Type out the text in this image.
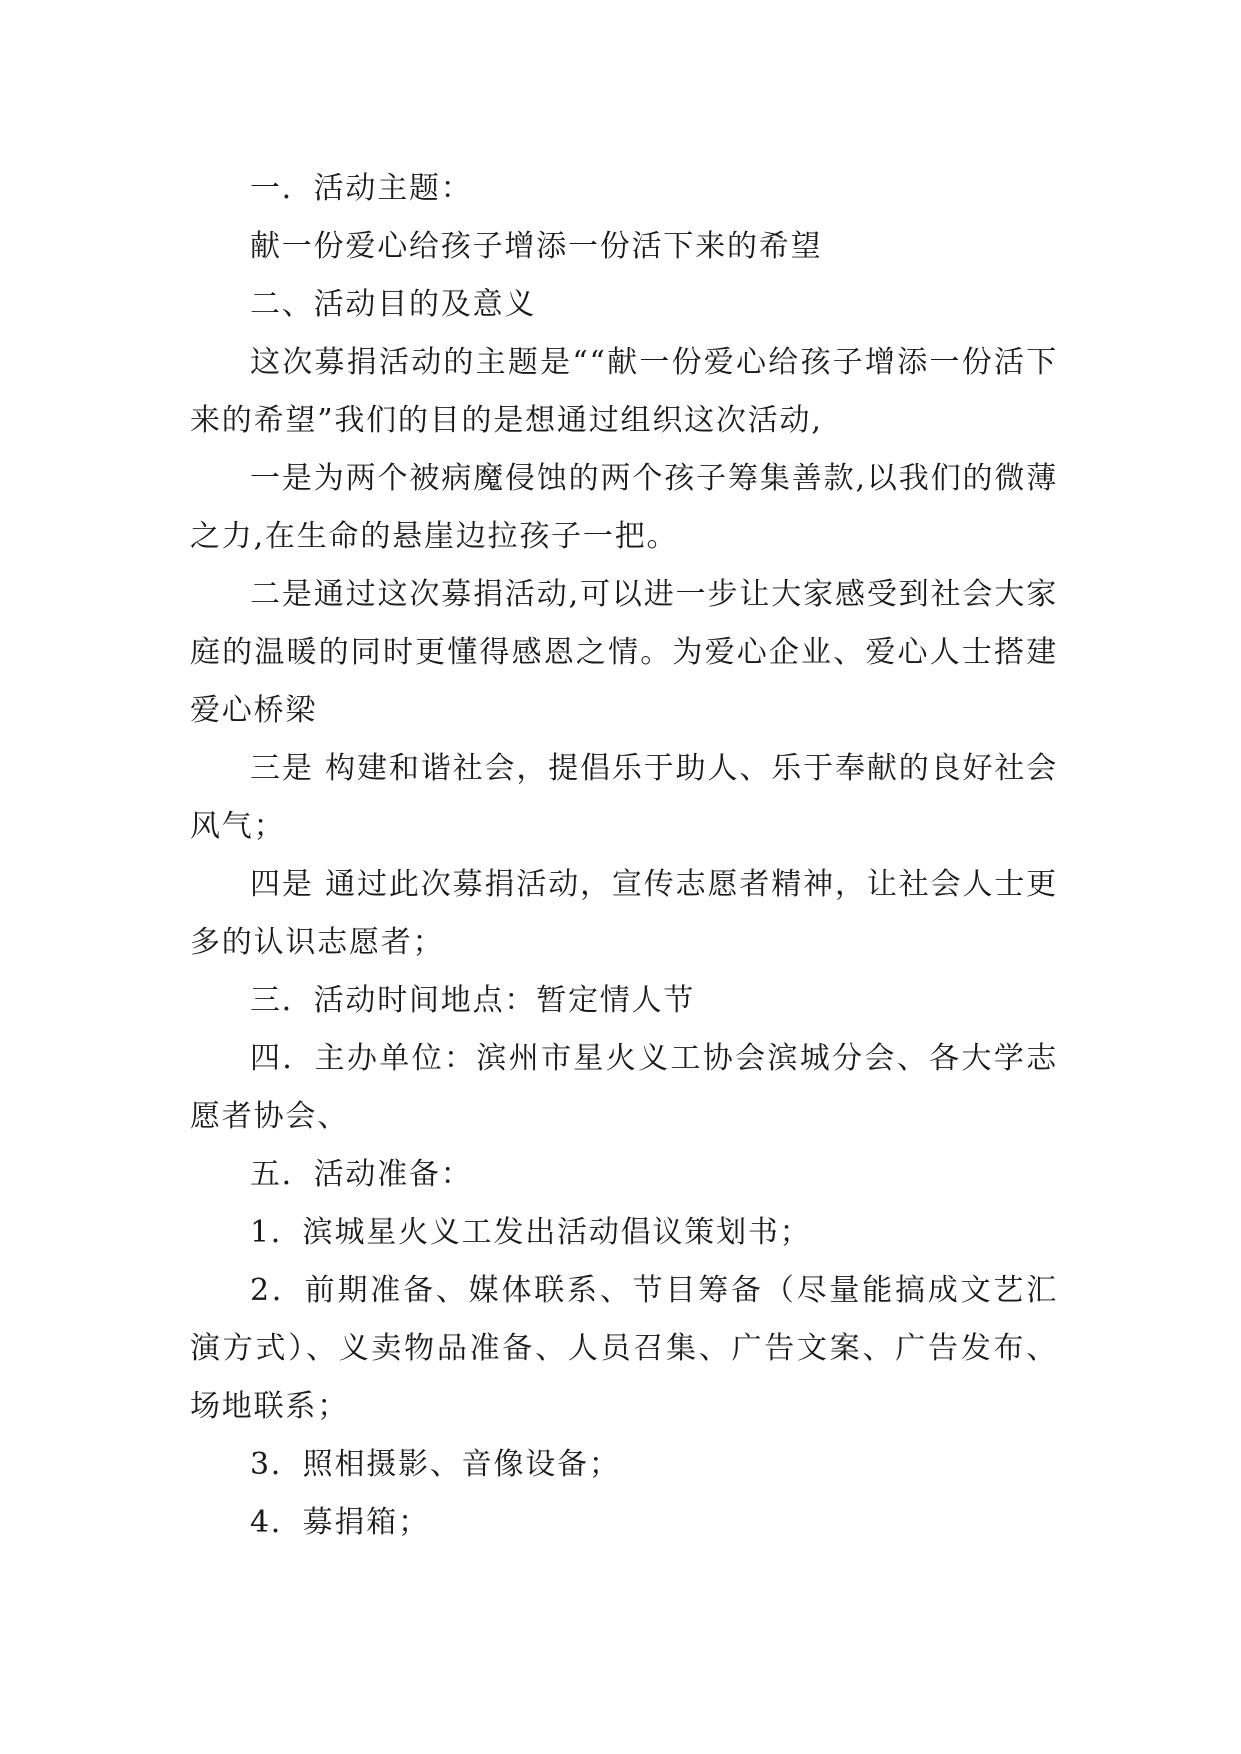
一．活动主题：

献一份爱心给孩子增添一份活下来的希望

二、活动目的及意义

这次募捐活动的主题是““献一份爱心给孩子增添一份活下来的希望”我们的目的是想通过组织这次活动,

一是为两个被病魔侵蚀的两个孩子筹集善款,以我们的微薄之力,在生命的悬崖边拉孩子一把。

二是通过这次募捐活动,可以进一步让大家感受到社会大家庭的温暖的同时更懂得感恩之情。为爱心企业、爱心人士搭建爱心桥梁

三是 构建和谐社会，提倡乐于助人、乐于奉献的良好社会风气；

四是 通过此次募捐活动，宣传志愿者精神，让社会人士更多的认识志愿者；

三．活动时间地点：暂定情人节

四．主办单位：滨州市星火义工协会滨城分会、各大学志愿者协会、

五．活动准备：

1．滨城星火义工发出活动倡议策划书；

2．前期准备、媒体联系、节目筹备（尽量能搞成文艺汇演方式）、义卖物品准备、人员召集、广告文案、广告发布、场地联系；

3．照相摄影、音像设备；

4．募捐箱；
